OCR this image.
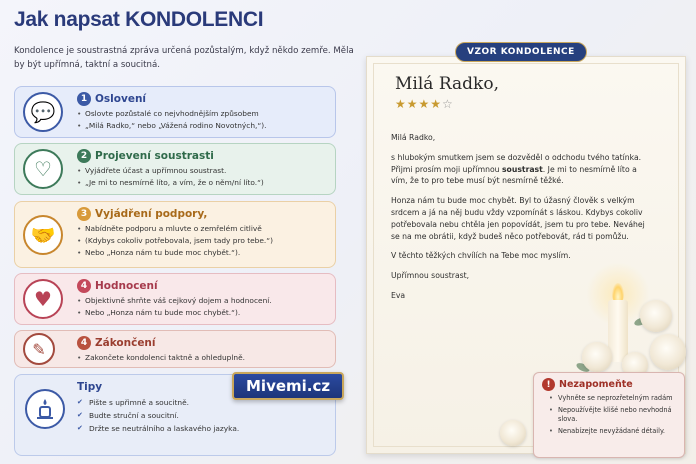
Jak napsat KONDOLENCI
Kondolence je soustrastná zpráva určená pozůstalým, když někdo zemře. Měla by být upřímná, taktní a soucitná.
💬
1 Oslovení
• Oslovte pozůstalé co nejvhodnějším způsobem
• „Milá Radko,“ nebo „Vážená rodino Novotných,“).
♡
2 Projevení soustrasti
• Vyjádřete účast a upřímnou soustrast.
• „Je mi to nesmírně líto, a vím, že o něm/ní líto.“)
🤝
3 Vyjádření podpory,
• Nabídněte podporu a mluvte o zemřelém citlivě
• (Kdybys cokoliv potřebovala, jsem tady pro tebe.“)
• Nebo „Honza nám tu bude moc chybět.“).
♥
4 Hodnocení
• Objektivně shrňte váš cejkový dojem a hodnocení.
• Nebo „Honza nám tu bude moc chybět.“).
✎	4 Zákončení
• Zakončete kondolenci taktně a ohleduplně.
Tipy
✔ Pište s upřimně a soucitně.
✔ Budte struční a soucitní.
✔ Držte se neutrálního a laskavého jazyka.
Mivemi.cz
VZOR KONDOLENCE
Milá Radko,
★★★★☆

Milá Radko,

s hlubokým smutkem jsem se dozvěděl o odchodu tvého tatínka. Přijmi prosím moji upřímnou soustrast. Je mi to nesmírně líto a vím, že to pro tebe musí být nesmírně těžké.

Honza nám tu bude moc chybět. Byl to úžasný člověk s velkým srdcem a já na něj budu vždy vzpomínát s láskou. Kdybys cokoliv potřebovala nebu chtěla jen popovídát, jsem tu pro tebe. Neváhej se na me obrátii, když budeš něco potřebovát, rád ti pomůžu.

V těchto těžkých chvílích na Tebe moc myslím.

Upřímnou soustrast,

Eva

! Nezapomeňte
• Vyhněte se neprozřetelným radám
• Nepoužívějte klišé nebo nevhodná slova.
• Nenabízejte nevyžádané détaily.
